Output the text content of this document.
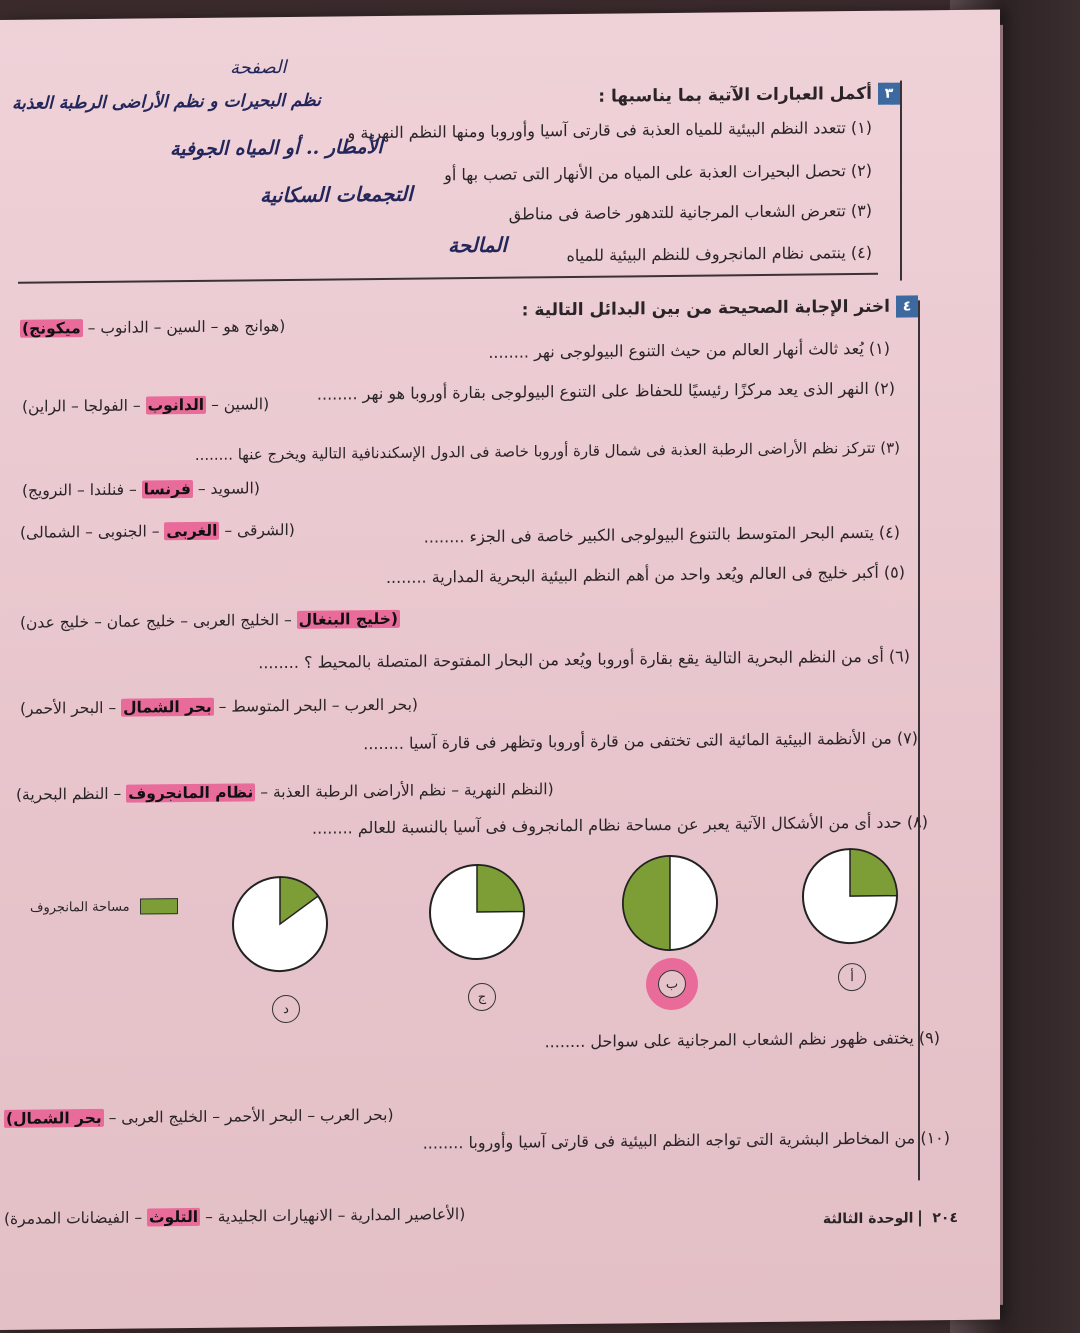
٣
أكمل العبارات الآتية بما يناسبها :
(١) تتعدد النظم البيئية للمياه العذبة فى قارتى آسيا وأوروبا ومنها النظم النهرية و
(٢) تحصل البحيرات العذبة على المياه من الأنهار التى تصب بها أو
(٣) تتعرض الشعاب المرجانية للتدهور خاصة فى مناطق
(٤) ينتمى نظام المانجروف للنظم البيئية للمياه
الصفحة
نظم البحيرات و نظم الأراضى الرطبة العذبة
الأمطار .. أو المياه الجوفية
التجمعات السكانية
المالحة
٤
اختر الإجابة الصحيحة من بين البدائل التالية :
(هوانج هو – السين – الدانوب – ميكونج)
(١) يُعد ثالث أنهار العالم من حيث التنوع البيولوجى نهر ........
(٢) النهر الذى يعد مركزًا رئيسيًا للحفاظ على التنوع البيولوجى بقارة أوروبا هو نهر ........
(السين – الدانوب – الفولجا – الراين)
(٣) تتركز نظم الأراضى الرطبة العذبة فى شمال قارة أوروبا خاصة فى الدول الإسكندنافية التالية ويخرج عنها ........
(السويد – فرنسا – فنلندا – النرويج)
(٤) يتسم البحر المتوسط بالتنوع البيولوجى الكبير خاصة فى الجزء ........
(الشرقى – الغربى – الجنوبى – الشمالى)
(٥) أكبر خليج فى العالم ويُعد واحد من أهم النظم البيئية البحرية المدارية ........
(خليج البنغال – الخليج العربى – خليج عمان – خليج عدن)
(٦) أى من النظم البحرية التالية يقع بقارة أوروبا ويُعد من البحار المفتوحة المتصلة بالمحيط ؟ ........
(بحر العرب – البحر المتوسط – بحر الشمال – البحر الأحمر)
(٧) من الأنظمة البيئية المائية التى تختفى من قارة أوروبا وتظهر فى قارة آسيا ........
(النظم النهرية – نظم الأراضى الرطبة العذبة – نظام المانجروف – النظم البحرية)
(٨) حدد أى من الأشكال الآتية يعبر عن مساحة نظام المانجروف فى آسيا بالنسبة للعالم ........
مساحة المانجروف
أ
ب
ج
د
(٩) يختفى ظهور نظم الشعاب المرجانية على سواحل ........
(بحر العرب – البحر الأحمر – الخليج العربى – بحر الشمال)
(١٠) من المخاطر البشرية التى تواجه النظم البيئية فى قارتى آسيا وأوروبا ........
(الأعاصير المدارية – الانهيارات الجليدية – التلوث – الفيضانات المدمرة)	٢٠٤ الوحدة الثالثة
